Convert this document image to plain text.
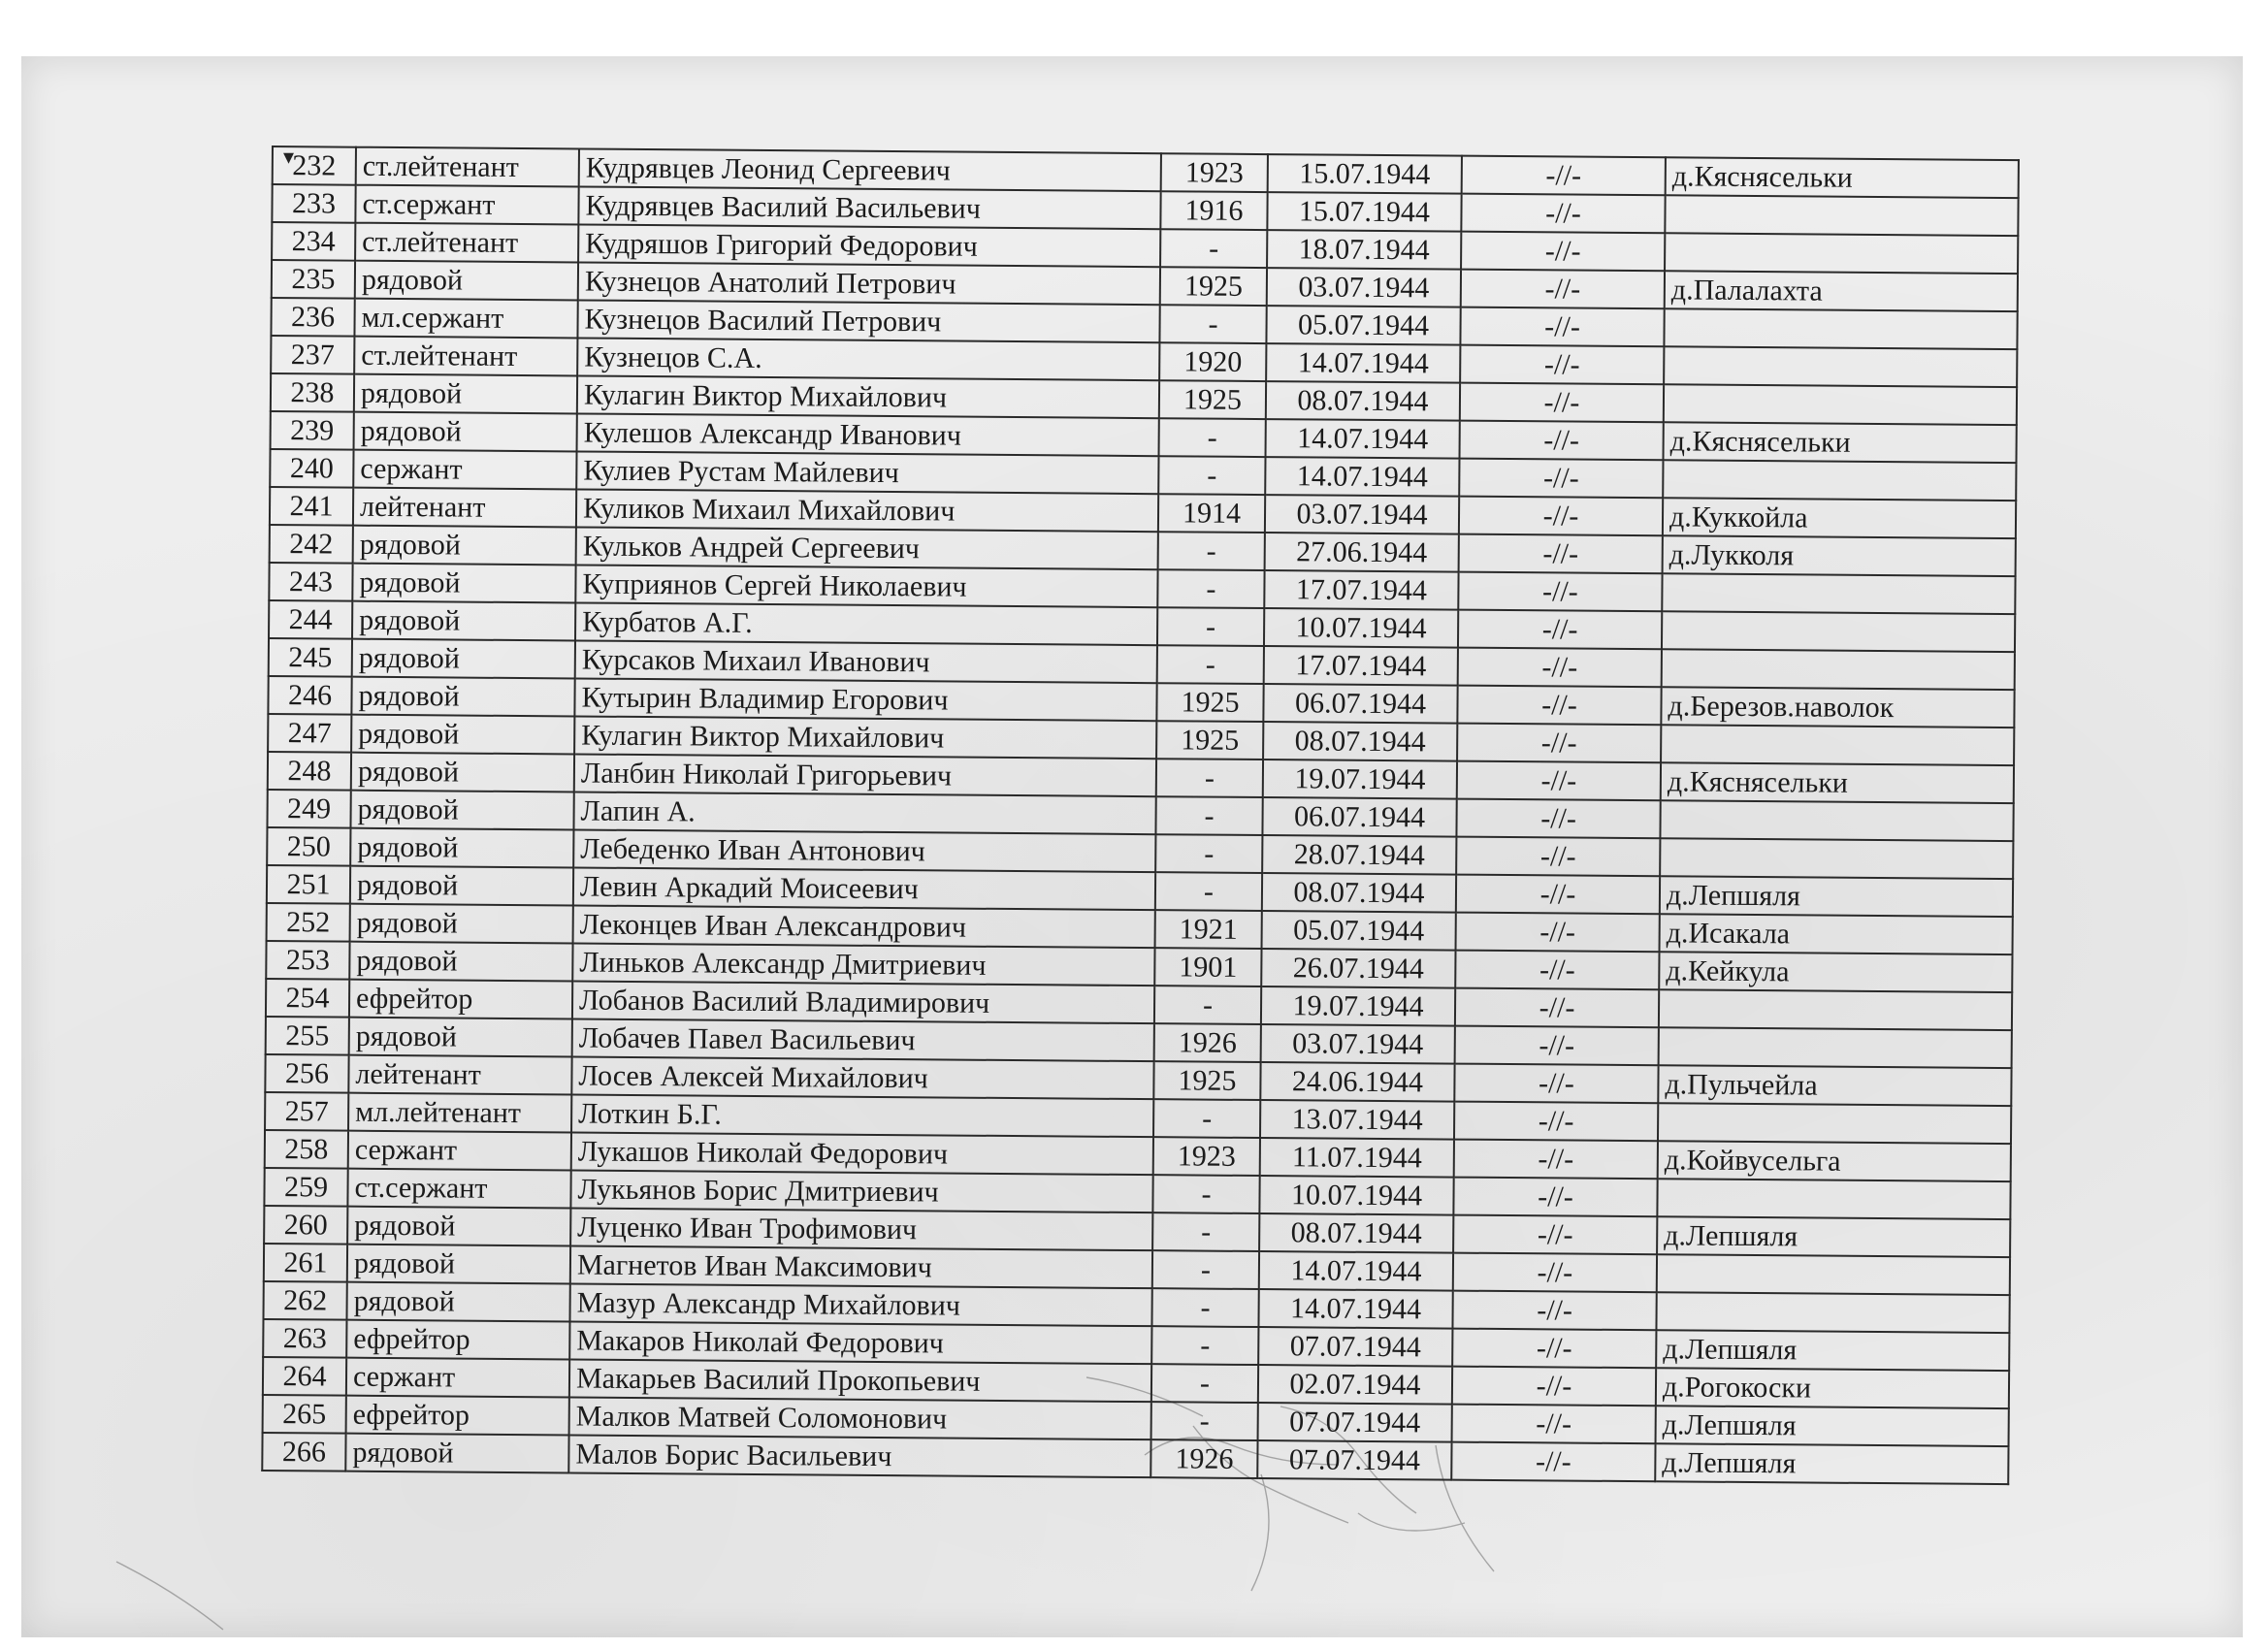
▾
232	ст.лейтенант	Кудрявцев Леонид Сергеевич	1923	15.07.1944	-//-	д.Кяснясельки
233	ст.сержант	Кудрявцев Василий Васильевич	1916	15.07.1944	-//-	
234	ст.лейтенант	Кудряшов Григорий Федорович	-	18.07.1944	-//-	
235	рядовой	Кузнецов Анатолий Петрович	1925	03.07.1944	-//-	д.Палалахта
236	мл.сержант	Кузнецов Василий Петрович	-	05.07.1944	-//-	
237	ст.лейтенант	Кузнецов С.А.	1920	14.07.1944	-//-	
238	рядовой	Кулагин Виктор Михайлович	1925	08.07.1944	-//-	
239	рядовой	Кулешов Александр Иванович	-	14.07.1944	-//-	д.Кяснясельки
240	сержант	Кулиев Рустам Майлевич	-	14.07.1944	-//-	
241	лейтенант	Куликов Михаил Михайлович	1914	03.07.1944	-//-	д.Куккойла
242	рядовой	Кульков Андрей Сергеевич	-	27.06.1944	-//-	д.Лукколя
243	рядовой	Куприянов Сергей Николаевич	-	17.07.1944	-//-	
244	рядовой	Курбатов А.Г.	-	10.07.1944	-//-	
245	рядовой	Курсаков Михаил Иванович	-	17.07.1944	-//-	
246	рядовой	Кутырин Владимир Егорович	1925	06.07.1944	-//-	д.Березов.наволок
247	рядовой	Кулагин Виктор Михайлович	1925	08.07.1944	-//-	
248	рядовой	Ланбин Николай Григорьевич	-	19.07.1944	-//-	д.Кяснясельки
249	рядовой	Лапин А.	-	06.07.1944	-//-	
250	рядовой	Лебеденко Иван Антонович	-	28.07.1944	-//-	
251	рядовой	Левин Аркадий Моисеевич	-	08.07.1944	-//-	д.Лепшяля
252	рядовой	Леконцев Иван Александрович	1921	05.07.1944	-//-	д.Исакала
253	рядовой	Линьков Александр Дмитриевич	1901	26.07.1944	-//-	д.Кейкула
254	ефрейтор	Лобанов Василий Владимирович	-	19.07.1944	-//-	
255	рядовой	Лобачев Павел Васильевич	1926	03.07.1944	-//-	
256	лейтенант	Лосев Алексей Михайлович	1925	24.06.1944	-//-	д.Пульчейла
257	мл.лейтенант	Лоткин Б.Г.	-	13.07.1944	-//-	
258	сержант	Лукашов Николай Федорович	1923	11.07.1944	-//-	д.Койвусельга
259	ст.сержант	Лукьянов Борис Дмитриевич	-	10.07.1944	-//-	
260	рядовой	Луценко Иван Трофимович	-	08.07.1944	-//-	д.Лепшяля
261	рядовой	Магнетов Иван Максимович	-	14.07.1944	-//-	
262	рядовой	Мазур Александр Михайлович	-	14.07.1944	-//-	
263	ефрейтор	Макаров Николай Федорович	-	07.07.1944	-//-	д.Лепшяля
264	сержант	Макарьев Василий Прокопьевич	-	02.07.1944	-//-	д.Рогокоски
265	ефрейтор	Малков Матвей Соломонович	-	07.07.1944	-//-	д.Лепшяля
266	рядовой	Малов Борис Васильевич	1926	07.07.1944	-//-	д.Лепшяля
